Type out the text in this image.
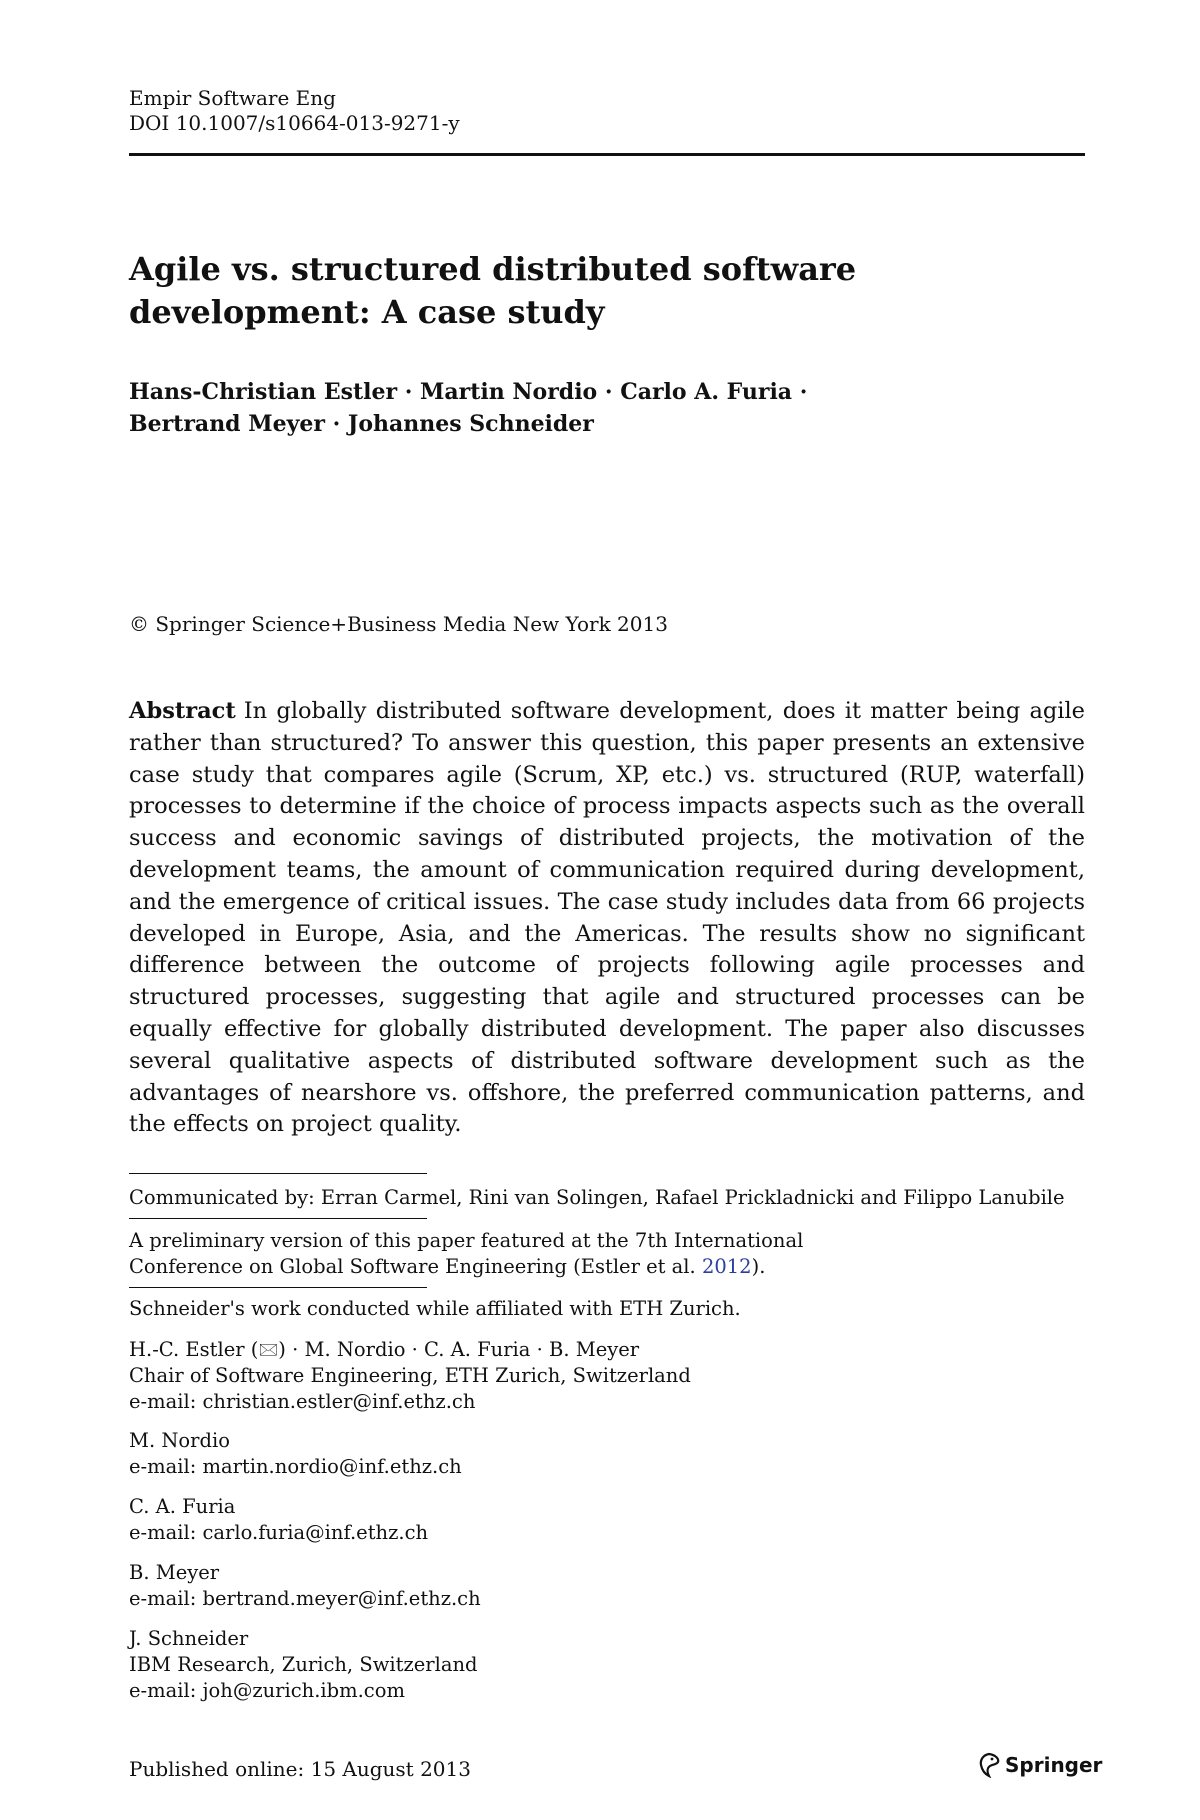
Empir Software Eng
DOI 10.1007/s10664-013-9271-y
Agile vs. structured distributed software
development: A case study
Hans-Christian Estler · Martin Nordio · Carlo A. Furia ·
Bertrand Meyer · Johannes Schneider
© Springer Science+Business Media New York 2013

Abstract In globally distributed software development, does it matter being agile rather than structured? To answer this question, this paper presents an extensive case study that compares agile (Scrum, XP, etc.) vs. structured (RUP, waterfall) processes to determine if the choice of process impacts aspects such as the overall success and economic savings of distributed projects, the motivation of the development teams, the amount of communication required during development, and the emergence of critical issues. The case study includes data from 66 projects developed in Europe, Asia, and the Americas. The results show no significant difference between the outcome of projects following agile processes and structured processes, suggesting that agile and structured processes can be equally effective for globally distributed development. The paper also discusses several qualitative aspects of distributed software development such as the advantages of nearshore vs. offshore, the preferred communication patterns, and the effects on project quality.

Communicated by: Erran Carmel, Rini van Solingen, Rafael Prickladnicki and Filippo Lanubile
A preliminary version of this paper featured at the 7th International
Conference on Global Software Engineering (Estler et al. 2012).
Schneider's work conducted while affiliated with ETH Zurich.
H.-C. Estler (🖂) · M. Nordio · C. A. Furia · B. Meyer
Chair of Software Engineering, ETH Zurich, Switzerland
e-mail: christian.estler@inf.ethz.ch
M. Nordio
e-mail: martin.nordio@inf.ethz.ch
C. A. Furia
e-mail: carlo.furia@inf.ethz.ch
B. Meyer
e-mail: bertrand.meyer@inf.ethz.ch
J. Schneider
IBM Research, Zurich, Switzerland
e-mail: joh@zurich.ibm.com
Published online: 15 August 2013	Springer
